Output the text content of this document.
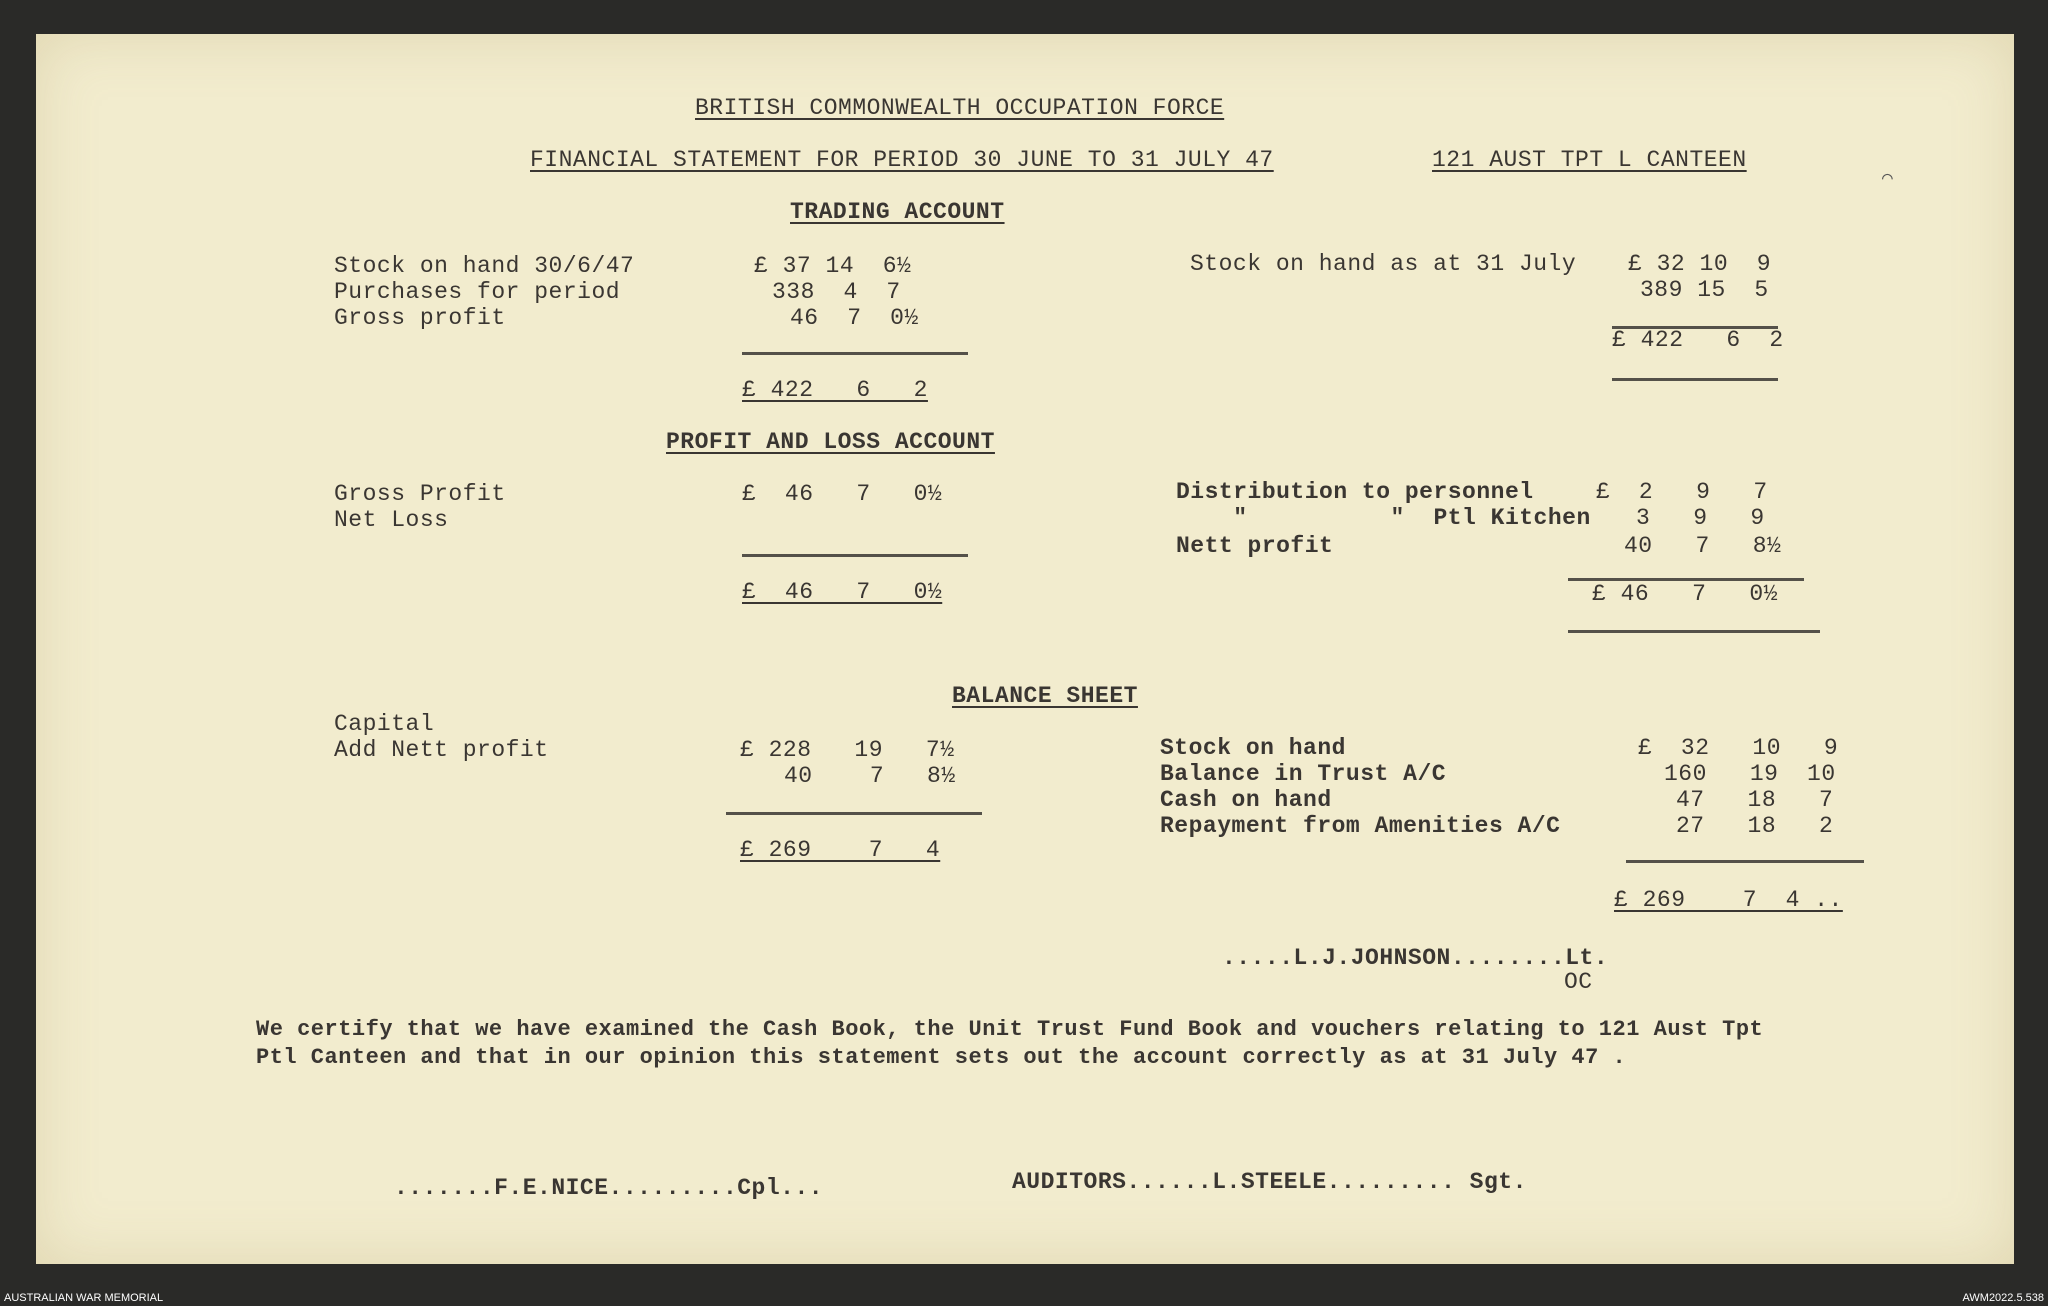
BRITISH COMMONWEALTH OCCUPATION FORCE
FINANCIAL STATEMENT FOR PERIOD 30 JUNE TO 31 JULY 47	121 AUST TPT L CANTEEN
TRADING ACCOUNT
Stock on hand 30/6/47	£ 37 14  6½
Purchases for period	338  4  7
Gross profit	46  7  0½
£ 422   6   2
Stock on hand as at 31 July £ 32 10  9
389 15  5
£ 422   6  2
PROFIT AND LOSS ACCOUNT
Gross Profit	£  46   7   0½
Net Loss
£  46   7   0½
Distribution to personnel	£  2   9   7
"          "  Ptl Kitchen 3   9   9
Nett profit	40   7   8½
£ 46   7   0½
BALANCE SHEET
Capital
Add Nett profit	£ 228   19   7½
40    7   8½
£ 269    7   4
Stock on hand	£  32   10   9
Balance in Trust A/C	160   19  10
Cash on hand	47   18   7
Repayment from Amenities A/C	27   18   2
£ 269    7  4 ..
.....L.J.JOHNSON........Lt.
OC
We certify that we have examined the Cash Book, the Unit Trust Fund Book and vouchers relating to 121 Aust Tpt
Ptl Canteen and that in our opinion this statement sets out the account correctly as at 31 July 47 .
.......F.E.NICE.........Cpl...	AUDITORS......L.STEELE......... Sgt.
◠
AUSTRALIAN WAR MEMORIAL	AWM2022.5.538
